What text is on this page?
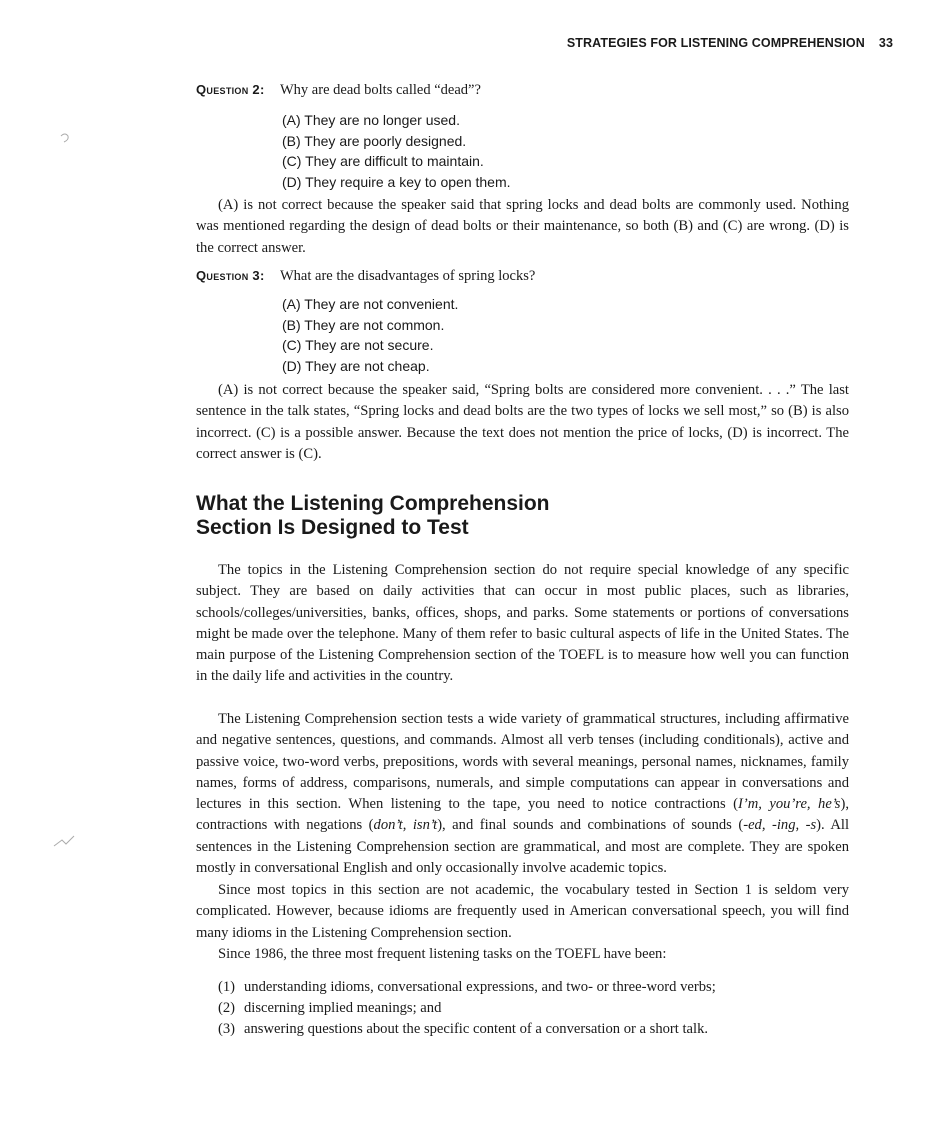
STRATEGIES FOR LISTENING COMPREHENSION 33
Question 2: Why are dead bolts called “dead”?
(A) They are no longer used.
(B) They are poorly designed.
(C) They are difficult to maintain.
(D) They require a key to open them.
(A) is not correct because the speaker said that spring locks and dead bolts are commonly used. Nothing was mentioned regarding the design of dead bolts or their maintenance, so both (B) and (C) are wrong. (D) is the correct answer.
Question 3: What are the disadvantages of spring locks?
(A) They are not convenient.
(B) They are not common.
(C) They are not secure.
(D) They are not cheap.
(A) is not correct because the speaker said, “Spring bolts are considered more convenient. . . .” The last sentence in the talk states, “Spring locks and dead bolts are the two types of locks we sell most,” so (B) is also incorrect. (C) is a possible answer. Because the text does not mention the price of locks, (D) is incorrect. The correct answer is (C).
What the Listening Comprehension
Section Is Designed to Test
The topics in the Listening Comprehension section do not require special knowledge of any specific subject. They are based on daily activities that can occur in most public places, such as libraries, schools/colleges/universities, banks, offices, shops, and parks. Some statements or portions of conversations might be made over the telephone. Many of them refer to basic cultural aspects of life in the United States. The main purpose of the Listening Comprehension section of the TOEFL is to measure how well you can function in the daily life and activities in the country.
The Listening Comprehension section tests a wide variety of grammatical structures, including affirmative and negative sentences, questions, and commands. Almost all verb tenses (including conditionals), active and passive voice, two-word verbs, prepositions, words with several meanings, personal names, nicknames, family names, forms of address, comparisons, numerals, and simple computations can appear in conversations and lectures in this section. When listening to the tape, you need to notice contractions (I’m, you’re, he’s), contractions with negations (don’t, isn’t), and final sounds and combinations of sounds (-ed, -ing, -s). All sentences in the Listening Comprehension section are grammatical, and most are complete. They are spoken mostly in conversational English and only occasionally involve academic topics.
Since most topics in this section are not academic, the vocabulary tested in Section 1 is seldom very complicated. However, because idioms are frequently used in American conversational speech, you will find many idioms in the Listening Comprehension section.
Since 1986, the three most frequent listening tasks on the TOEFL have been:
(1) understanding idioms, conversational expressions, and two- or three-word verbs;
(2) discerning implied meanings; and
(3) answering questions about the specific content of a conversation or a short talk.
